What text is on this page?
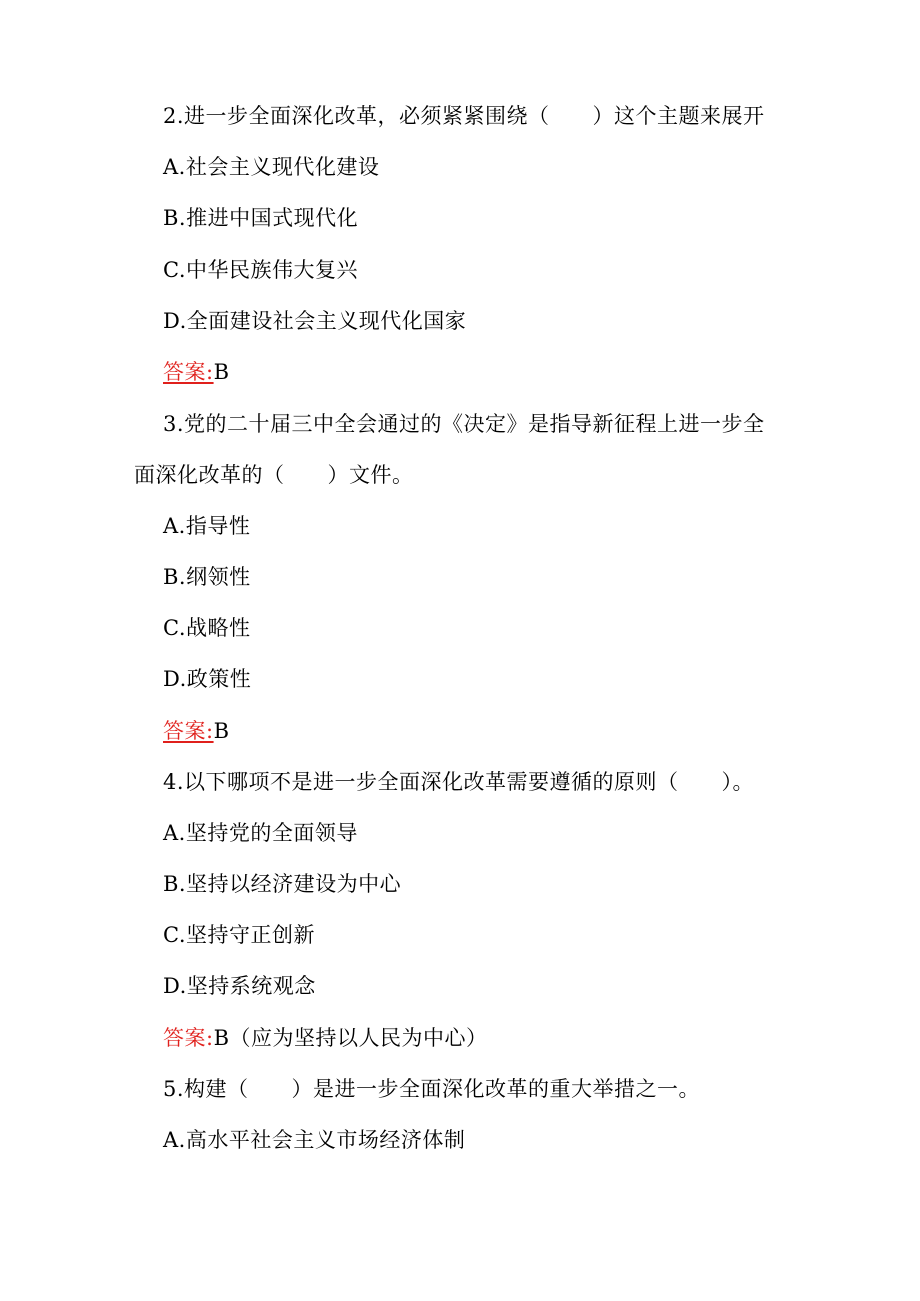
2.进一步全面深化改革，必须紧紧围绕（　　）这个主题来展开
A.社会主义现代化建设
B.推进中国式现代化
C.中华民族伟大复兴
D.全面建设社会主义现代化国家
答案:B
3.党的二十届三中全会通过的《决定》是指导新征程上进一步全
面深化改革的（　　）文件。
A.指导性
B.纲领性
C.战略性
D.政策性
答案:B
4.以下哪项不是进一步全面深化改革需要遵循的原则（　　）。
A.坚持党的全面领导
B.坚持以经济建设为中心
C.坚持守正创新
D.坚持系统观念
答案:B（应为坚持以人民为中心）
5.构建（　　）是进一步全面深化改革的重大举措之一。
A.高水平社会主义市场经济体制
